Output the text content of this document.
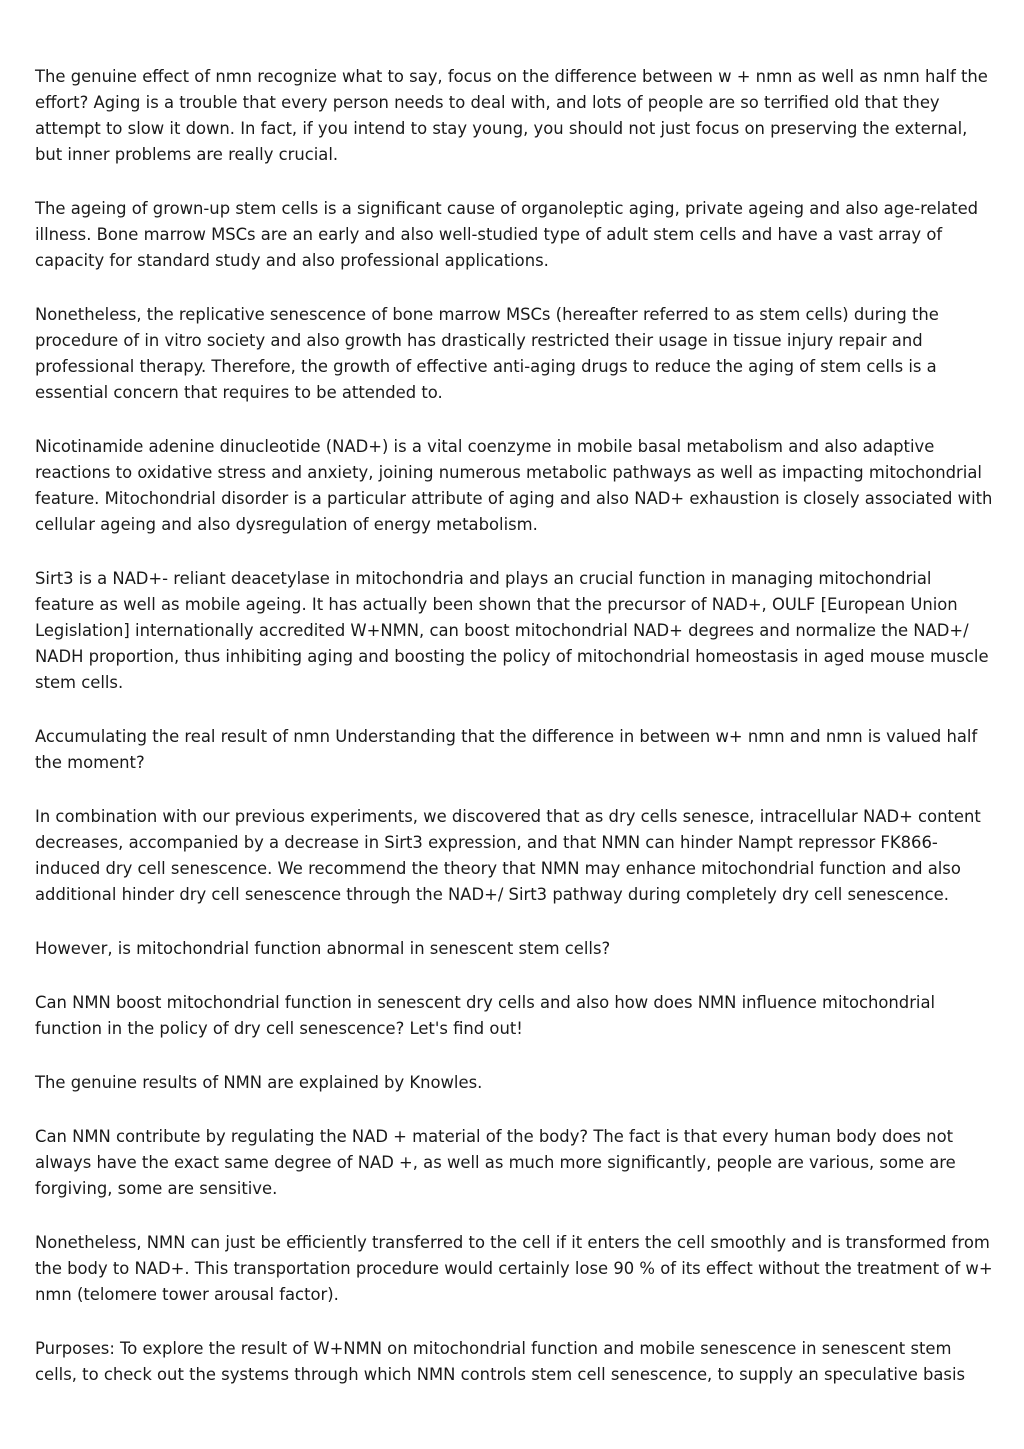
The genuine effect of nmn recognize what to say, focus on the difference between w + nmn as well as nmn half the effort? Aging is a trouble that every person needs to deal with, and lots of people are so terrified old that they attempt to slow it down. In fact, if you intend to stay young, you should not just focus on preserving the external, but inner problems are really crucial.

The ageing of grown-up stem cells is a significant cause of organoleptic aging, private ageing and also age-related illness. Bone marrow MSCs are an early and also well-studied type of adult stem cells and have a vast array of capacity for standard study and also professional applications.

Nonetheless, the replicative senescence of bone marrow MSCs (hereafter referred to as stem cells) during the procedure of in vitro society and also growth has drastically restricted their usage in tissue injury repair and professional therapy. Therefore, the growth of effective anti-aging drugs to reduce the aging of stem cells is a essential concern that requires to be attended to.

Nicotinamide adenine dinucleotide (NAD+) is a vital coenzyme in mobile basal metabolism and also adaptive reactions to oxidative stress and anxiety, joining numerous metabolic pathways as well as impacting mitochondrial feature. Mitochondrial disorder is a particular attribute of aging and also NAD+ exhaustion is closely associated with cellular ageing and also dysregulation of energy metabolism.

Sirt3 is a NAD+- reliant deacetylase in mitochondria and plays an crucial function in managing mitochondrial feature as well as mobile ageing. It has actually been shown that the precursor of NAD+, OULF [European Union Legislation] internationally accredited W+NMN, can boost mitochondrial NAD+ degrees and normalize the NAD+/ NADH proportion, thus inhibiting aging and boosting the policy of mitochondrial homeostasis in aged mouse muscle stem cells.

Accumulating the real result of nmn Understanding that the difference in between w+ nmn and nmn is valued half the moment?

In combination with our previous experiments, we discovered that as dry cells senesce, intracellular NAD+ content decreases, accompanied by a decrease in Sirt3 expression, and that NMN can hinder Nampt repressor FK866-induced dry cell senescence. We recommend the theory that NMN may enhance mitochondrial function and also additional hinder dry cell senescence through the NAD+/ Sirt3 pathway during completely dry cell senescence.

However, is mitochondrial function abnormal in senescent stem cells?

Can NMN boost mitochondrial function in senescent dry cells and also how does NMN influence mitochondrial function in the policy of dry cell senescence? Let's find out!

The genuine results of NMN are explained by Knowles.

Can NMN contribute by regulating the NAD + material of the body? The fact is that every human body does not always have the exact same degree of NAD +, as well as much more significantly, people are various, some are forgiving, some are sensitive.

Nonetheless, NMN can just be efficiently transferred to the cell if it enters the cell smoothly and is transformed from the body to NAD+. This transportation procedure would certainly lose 90 % of its effect without the treatment of w+ nmn (telomere tower arousal factor).

Purposes: To explore the result of W+NMN on mitochondrial function and mobile senescence in senescent stem cells, to check out the systems through which NMN controls stem cell senescence, to supply an speculative basis
